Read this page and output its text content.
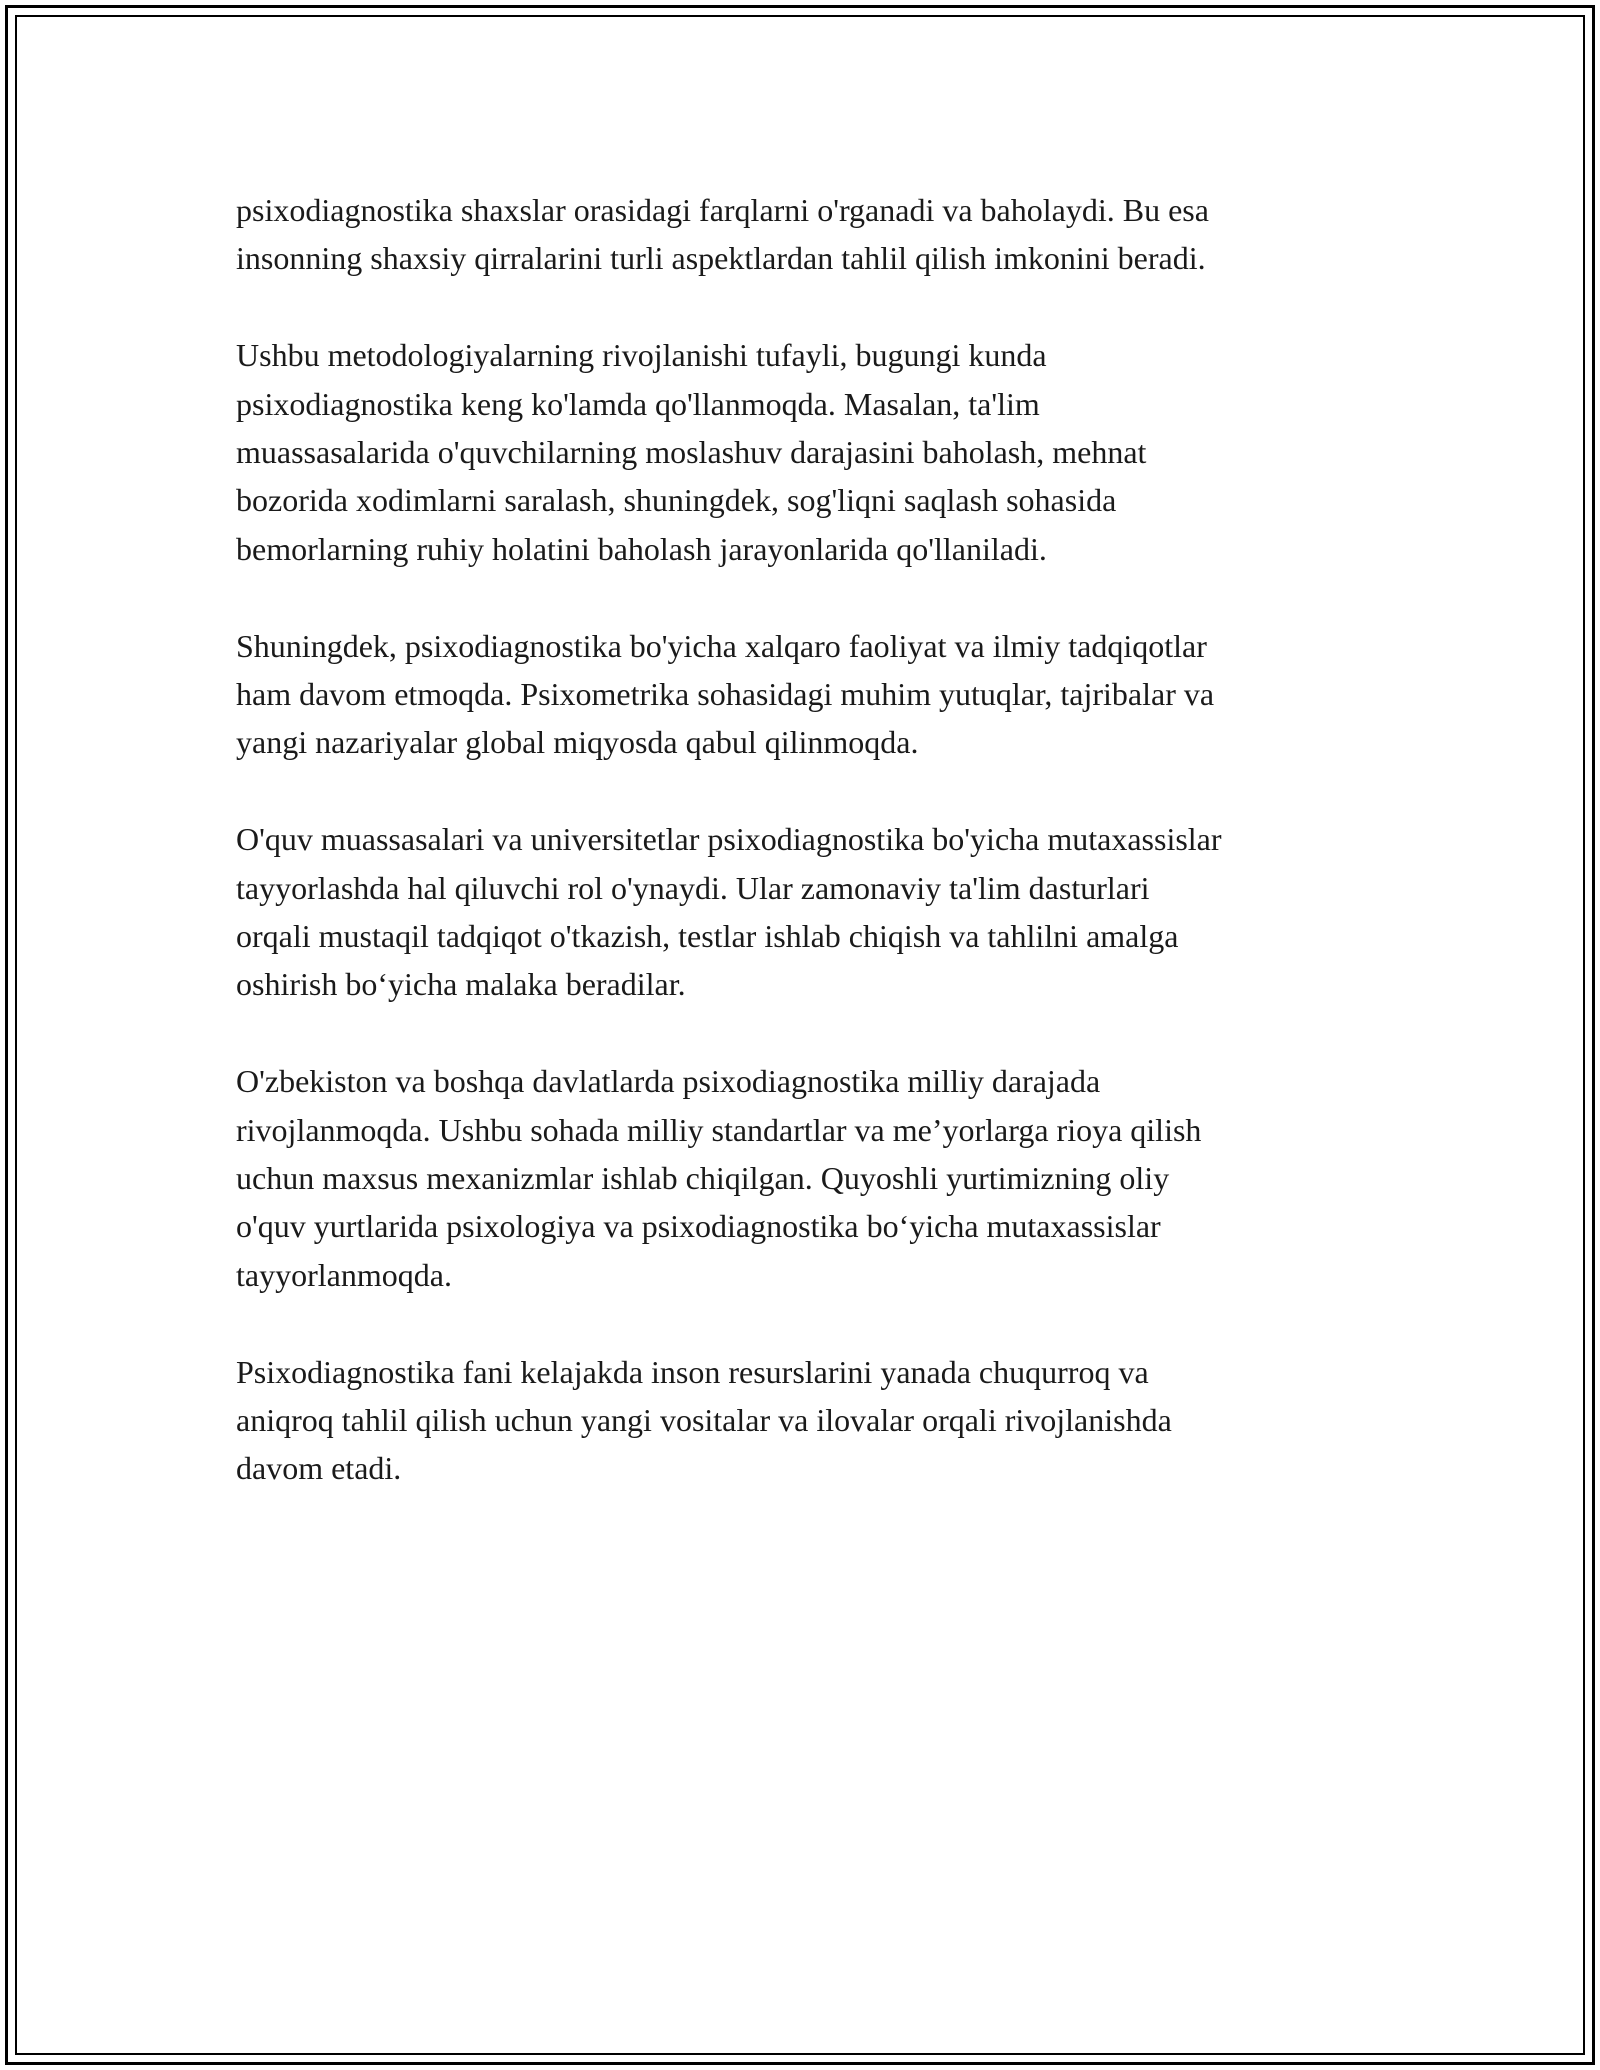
psixodiagnostika shaxslar orasidagi farqlarni o'rganadi va baholaydi. Bu esa
insonning shaxsiy qirralarini turli aspektlardan tahlil qilish imkonini beradi.

Ushbu metodologiyalarning rivojlanishi tufayli, bugungi kunda
psixodiagnostika keng ko'lamda qo'llanmoqda. Masalan, ta'lim
muassasalarida o'quvchilarning moslashuv darajasini baholash, mehnat
bozorida xodimlarni saralash, shuningdek, sog'liqni saqlash sohasida
bemorlarning ruhiy holatini baholash jarayonlarida qo'llaniladi.

Shuningdek, psixodiagnostika bo'yicha xalqaro faoliyat va ilmiy tadqiqotlar
ham davom etmoqda. Psixometrika sohasidagi muhim yutuqlar, tajribalar va
yangi nazariyalar global miqyosda qabul qilinmoqda.

O'quv muassasalari va universitetlar psixodiagnostika bo'yicha mutaxassislar
tayyorlashda hal qiluvchi rol o'ynaydi. Ular zamonaviy ta'lim dasturlari
orqali mustaqil tadqiqot o'tkazish, testlar ishlab chiqish va tahlilni amalga
oshirish bo‘yicha malaka beradilar.

O'zbekiston va boshqa davlatlarda psixodiagnostika milliy darajada
rivojlanmoqda. Ushbu sohada milliy standartlar va me’yorlarga rioya qilish
uchun maxsus mexanizmlar ishlab chiqilgan. Quyoshli yurtimizning oliy
o'quv yurtlarida psixologiya va psixodiagnostika bo‘yicha mutaxassislar
tayyorlanmoqda.

Psixodiagnostika fani kelajakda inson resurslarini yanada chuqurroq va
aniqroq tahlil qilish uchun yangi vositalar va ilovalar orqali rivojlanishda
davom etadi.
